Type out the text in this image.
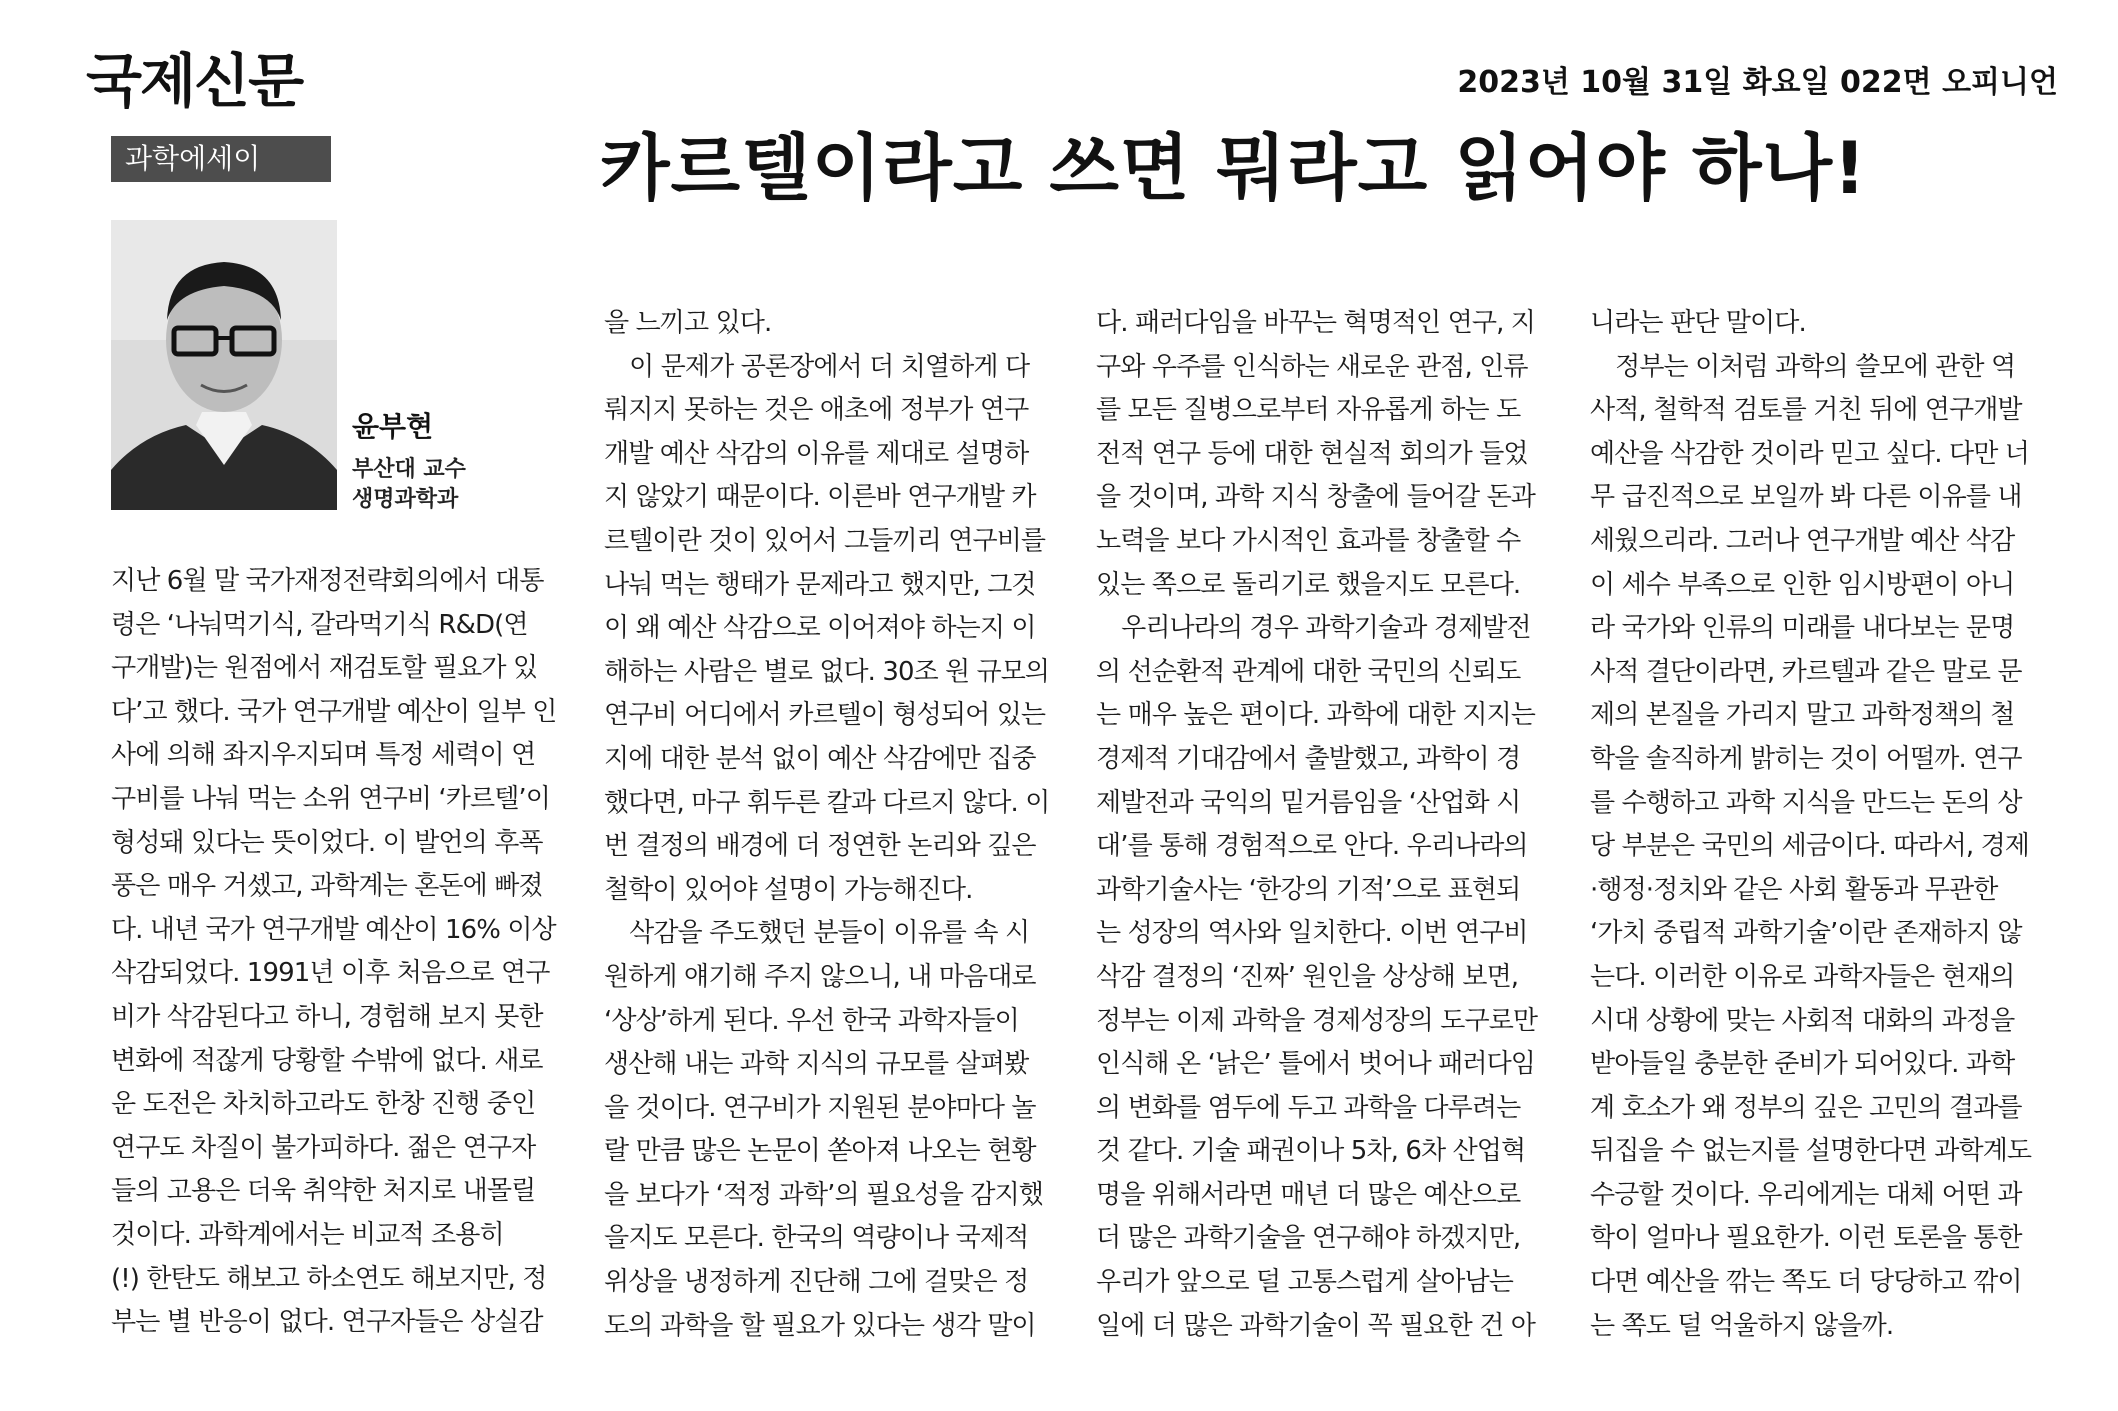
국제신문	2023년 10월 31일 화요일 022면 오피니언
과학에세이	카르텔이라고 쓰면 뭐라고 읽어야 하나!
윤부현
부산대 교수
생명과학과
지난 6월 말 국가재정전략회의에서 대통
령은 ‘나눠먹기식, 갈라먹기식 R&D(연
구개발)는 원점에서 재검토할 필요가 있
다’고 했다. 국가 연구개발 예산이 일부 인
사에 의해 좌지우지되며 특정 세력이 연
구비를 나눠 먹는 소위 연구비 ‘카르텔’이
형성돼 있다는 뜻이었다. 이 발언의 후폭
풍은 매우 거셌고, 과학계는 혼돈에 빠졌
다. 내년 국가 연구개발 예산이 16% 이상
삭감되었다. 1991년 이후 처음으로 연구
비가 삭감된다고 하니, 경험해 보지 못한
변화에 적잖게 당황할 수밖에 없다. 새로
운 도전은 차치하고라도 한창 진행 중인
연구도 차질이 불가피하다. 젊은 연구자
들의 고용은 더욱 취약한 처지로 내몰릴
것이다. 과학계에서는 비교적 조용히
(!) 한탄도 해보고 하소연도 해보지만, 정
부는 별 반응이 없다. 연구자들은 상실감
을 느끼고 있다.
　이 문제가 공론장에서 더 치열하게 다
뤄지지 못하는 것은 애초에 정부가 연구
개발 예산 삭감의 이유를 제대로 설명하
지 않았기 때문이다. 이른바 연구개발 카
르텔이란 것이 있어서 그들끼리 연구비를
나눠 먹는 행태가 문제라고 했지만, 그것
이 왜 예산 삭감으로 이어져야 하는지 이
해하는 사람은 별로 없다. 30조 원 규모의
연구비 어디에서 카르텔이 형성되어 있는
지에 대한 분석 없이 예산 삭감에만 집중
했다면, 마구 휘두른 칼과 다르지 않다. 이
번 결정의 배경에 더 정연한 논리와 깊은
철학이 있어야 설명이 가능해진다.
　삭감을 주도했던 분들이 이유를 속 시
원하게 얘기해 주지 않으니, 내 마음대로
‘상상’하게 된다. 우선 한국 과학자들이
생산해 내는 과학 지식의 규모를 살펴봤
을 것이다. 연구비가 지원된 분야마다 놀
랄 만큼 많은 논문이 쏟아져 나오는 현황
을 보다가 ‘적정 과학’의 필요성을 감지했
을지도 모른다. 한국의 역량이나 국제적
위상을 냉정하게 진단해 그에 걸맞은 정
도의 과학을 할 필요가 있다는 생각 말이
다. 패러다임을 바꾸는 혁명적인 연구, 지
구와 우주를 인식하는 새로운 관점, 인류
를 모든 질병으로부터 자유롭게 하는 도
전적 연구 등에 대한 현실적 회의가 들었
을 것이며, 과학 지식 창출에 들어갈 돈과
노력을 보다 가시적인 효과를 창출할 수
있는 쪽으로 돌리기로 했을지도 모른다.
　우리나라의 경우 과학기술과 경제발전
의 선순환적 관계에 대한 국민의 신뢰도
는 매우 높은 편이다. 과학에 대한 지지는
경제적 기대감에서 출발했고, 과학이 경
제발전과 국익의 밑거름임을 ‘산업화 시
대’를 통해 경험적으로 안다. 우리나라의
과학기술사는 ‘한강의 기적’으로 표현되
는 성장의 역사와 일치한다. 이번 연구비
삭감 결정의 ‘진짜’ 원인을 상상해 보면,
정부는 이제 과학을 경제성장의 도구로만
인식해 온 ‘낡은’ 틀에서 벗어나 패러다임
의 변화를 염두에 두고 과학을 다루려는
것 같다. 기술 패권이나 5차, 6차 산업혁
명을 위해서라면 매년 더 많은 예산으로
더 많은 과학기술을 연구해야 하겠지만,
우리가 앞으로 덜 고통스럽게 살아남는
일에 더 많은 과학기술이 꼭 필요한 건 아
니라는 판단 말이다.
　정부는 이처럼 과학의 쓸모에 관한 역
사적, 철학적 검토를 거친 뒤에 연구개발
예산을 삭감한 것이라 믿고 싶다. 다만 너
무 급진적으로 보일까 봐 다른 이유를 내
세웠으리라. 그러나 연구개발 예산 삭감
이 세수 부족으로 인한 임시방편이 아니
라 국가와 인류의 미래를 내다보는 문명
사적 결단이라면, 카르텔과 같은 말로 문
제의 본질을 가리지 말고 과학정책의 철
학을 솔직하게 밝히는 것이 어떨까. 연구
를 수행하고 과학 지식을 만드는 돈의 상
당 부분은 국민의 세금이다. 따라서, 경제
·행정·정치와 같은 사회 활동과 무관한
‘가치 중립적 과학기술’이란 존재하지 않
는다. 이러한 이유로 과학자들은 현재의
시대 상황에 맞는 사회적 대화의 과정을
받아들일 충분한 준비가 되어있다. 과학
계 호소가 왜 정부의 깊은 고민의 결과를
뒤집을 수 없는지를 설명한다면 과학계도
수긍할 것이다. 우리에게는 대체 어떤 과
학이 얼마나 필요한가. 이런 토론을 통한
다면 예산을 깎는 쪽도 더 당당하고 깎이
는 쪽도 덜 억울하지 않을까.
